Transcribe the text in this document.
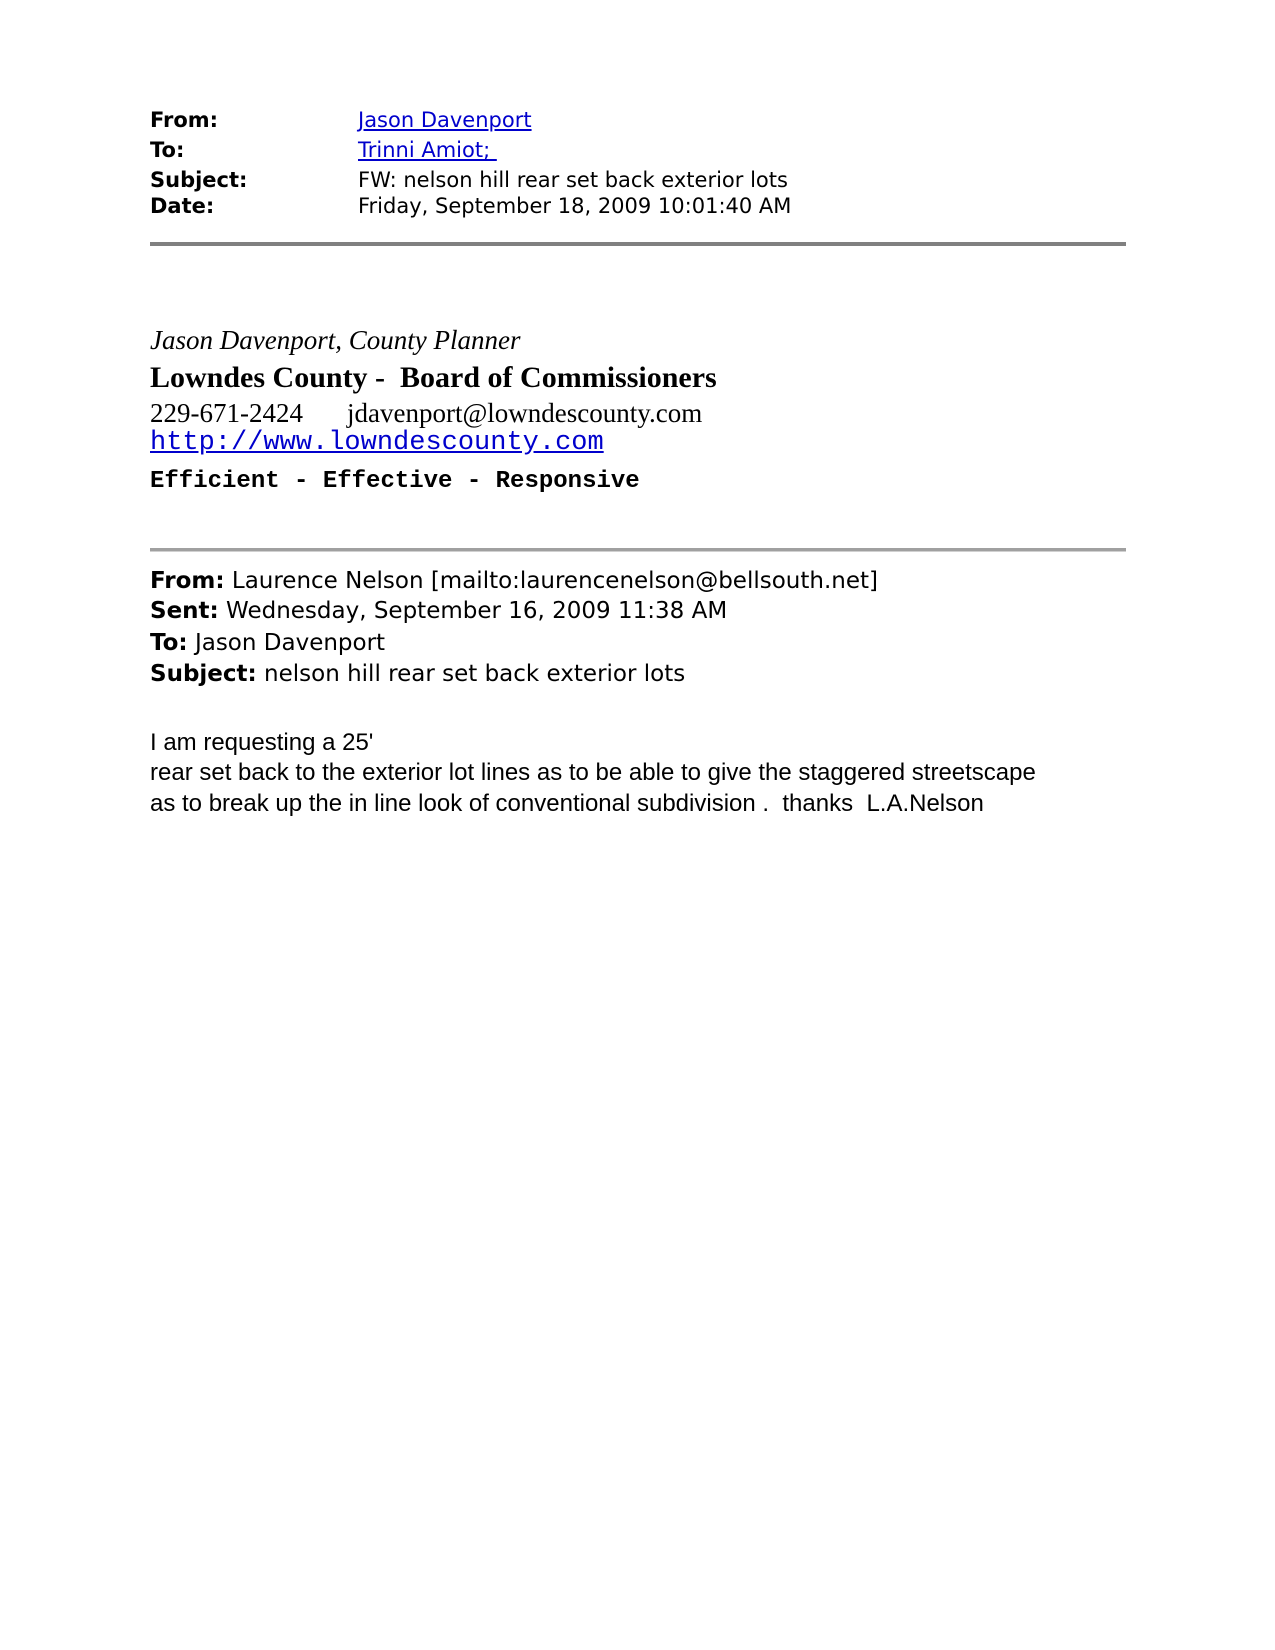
From:	Jason Davenport
To:	Trinni Amiot;
Subject:	FW: nelson hill rear set back exterior lots
Date:	Friday, September 18, 2009 10:01:40 AM
Jason Davenport, County Planner
Lowndes County -  Board of Commissioners
229-671-2424 jdavenport@lowndescounty.com
http://www.lowndescounty.com
Efficient - Effective - Responsive
From: Laurence Nelson [mailto:laurencenelson@bellsouth.net]
Sent: Wednesday, September 16, 2009 11:38 AM
To: Jason Davenport
Subject: nelson hill rear set back exterior lots
I am requesting a 25'
rear set back to the exterior lot lines as to be able to give the staggered streetscape
as to break up the in line look of conventional subdivision .  thanks  L.A.Nelson
